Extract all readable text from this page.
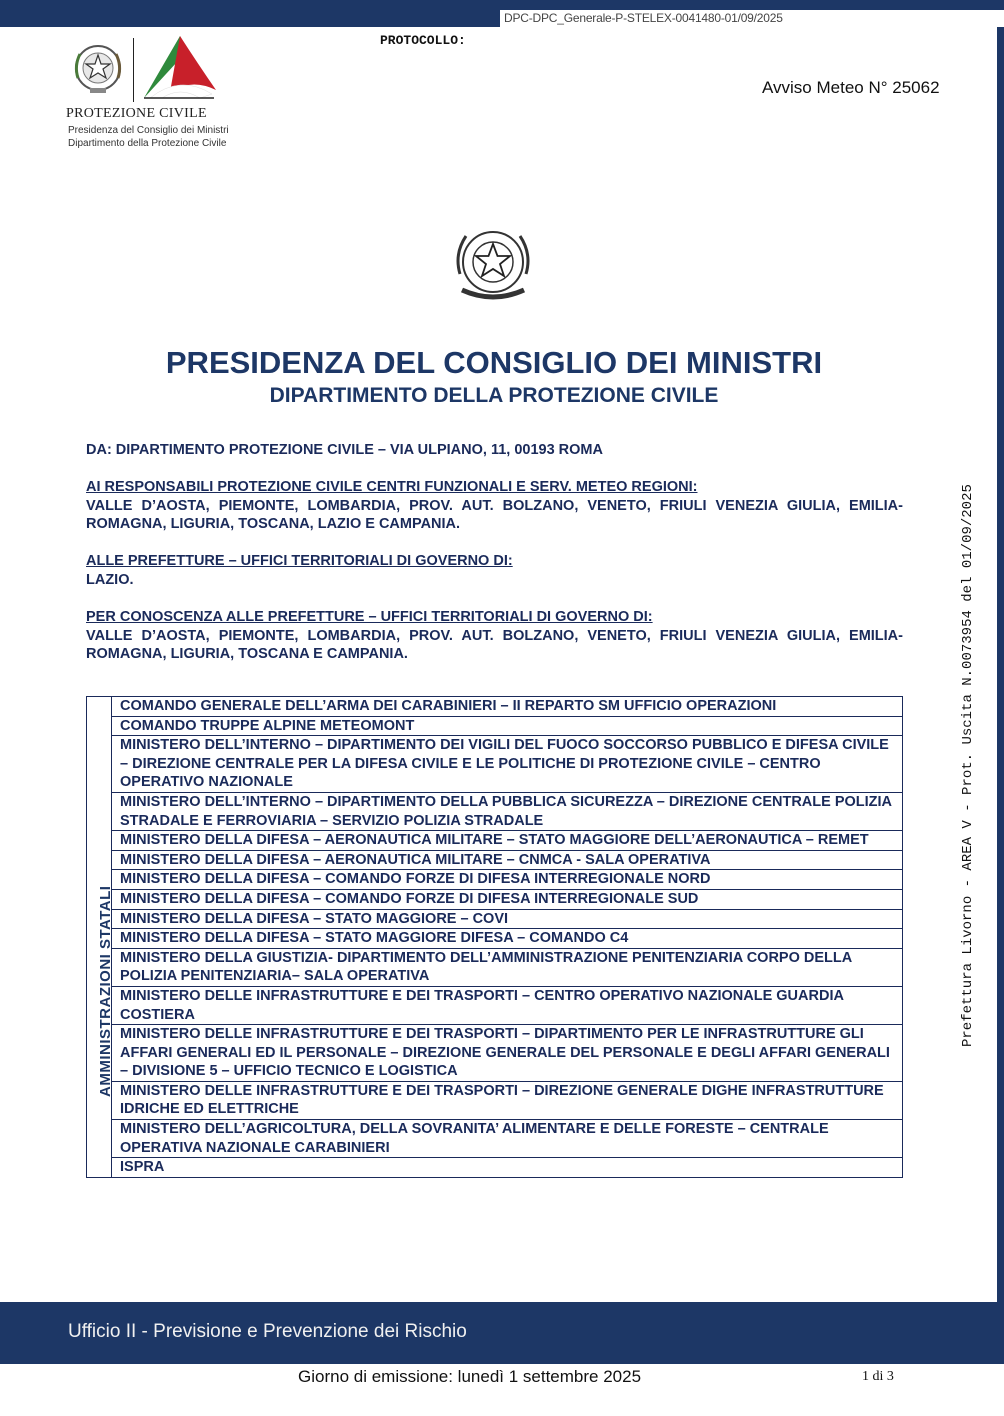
DPC-DPC_Generale-P-STELEX-0041480-01/09/2025
PROTOCOLLO:
PROTEZIONE CIVILE
Presidenza del Consiglio dei Ministri
Dipartimento della Protezione Civile
Avviso Meteo N° 25062
PRESIDENZA DEL CONSIGLIO DEI MINISTRI
DIPARTIMENTO DELLA PROTEZIONE CIVILE
DA: DIPARTIMENTO PROTEZIONE CIVILE – VIA ULPIANO, 11, 00193 ROMA
AI RESPONSABILI PROTEZIONE CIVILE CENTRI FUNZIONALI E SERV. METEO REGIONI:
VALLE D’AOSTA, PIEMONTE, LOMBARDIA, PROV. AUT. BOLZANO, VENETO, FRIULI VENEZIA GIULIA, EMILIA-ROMAGNA, LIGURIA, TOSCANA, LAZIO E CAMPANIA.
ALLE PREFETTURE – UFFICI TERRITORIALI DI GOVERNO DI:
LAZIO.
PER CONOSCENZA ALLE PREFETTURE – UFFICI TERRITORIALI DI GOVERNO DI:
VALLE D’AOSTA, PIEMONTE, LOMBARDIA, PROV. AUT. BOLZANO, VENETO, FRIULI VENEZIA GIULIA, EMILIA-ROMAGNA, LIGURIA, TOSCANA E CAMPANIA.	Prefettura Livorno - AREA V - Prot. Uscita N.0073954 del 01/09/2025
AMMINISTRAZIONI STATALI
	COMANDO GENERALE DELL’ARMA DEI CARABINIERI – II REPARTO SM UFFICIO OPERAZIONI
COMANDO TRUPPE ALPINE METEOMONT
MINISTERO DELL’INTERNO – DIPARTIMENTO DEI VIGILI DEL FUOCO SOCCORSO PUBBLICO E DIFESA CIVILE – DIREZIONE CENTRALE PER LA DIFESA CIVILE E LE POLITICHE DI PROTEZIONE CIVILE – CENTRO OPERATIVO NAZIONALE
MINISTERO DELL’INTERNO – DIPARTIMENTO DELLA PUBBLICA SICUREZZA – DIREZIONE CENTRALE POLIZIA STRADALE E FERROVIARIA – SERVIZIO POLIZIA STRADALE
MINISTERO DELLA DIFESA – AERONAUTICA MILITARE – STATO MAGGIORE DELL’AERONAUTICA – REMET
MINISTERO DELLA DIFESA – AERONAUTICA MILITARE – CNMCA - SALA OPERATIVA
MINISTERO DELLA DIFESA – COMANDO FORZE DI DIFESA INTERREGIONALE NORD
MINISTERO DELLA DIFESA – COMANDO FORZE DI DIFESA INTERREGIONALE SUD
MINISTERO DELLA DIFESA – STATO MAGGIORE – COVI
MINISTERO DELLA DIFESA – STATO MAGGIORE DIFESA – COMANDO C4
MINISTERO DELLA GIUSTIZIA- DIPARTIMENTO DELL’AMMINISTRAZIONE PENITENZIARIA CORPO DELLA POLIZIA PENITENZIARIA– SALA OPERATIVA
MINISTERO DELLE INFRASTRUTTURE E DEI TRASPORTI – CENTRO OPERATIVO NAZIONALE GUARDIA COSTIERA
MINISTERO DELLE INFRASTRUTTURE E DEI TRASPORTI – DIPARTIMENTO PER LE INFRASTRUTTURE GLI AFFARI GENERALI ED IL PERSONALE – DIREZIONE GENERALE DEL PERSONALE E DEGLI AFFARI GENERALI – DIVISIONE 5 – UFFICIO TECNICO E LOGISTICA
MINISTERO DELLE INFRASTRUTTURE E DEI TRASPORTI – DIREZIONE GENERALE DIGHE INFRASTRUTTURE IDRICHE ED ELETTRICHE
MINISTERO DELL’AGRICOLTURA, DELLA SOVRANITA’ ALIMENTARE E DELLE FORESTE – CENTRALE OPERATIVA NAZIONALE CARABINIERI
ISPRA
Ufficio II - Previsione e Prevenzione dei Rischio
Giorno di emissione: lunedì 1 settembre 2025	1 di 3
